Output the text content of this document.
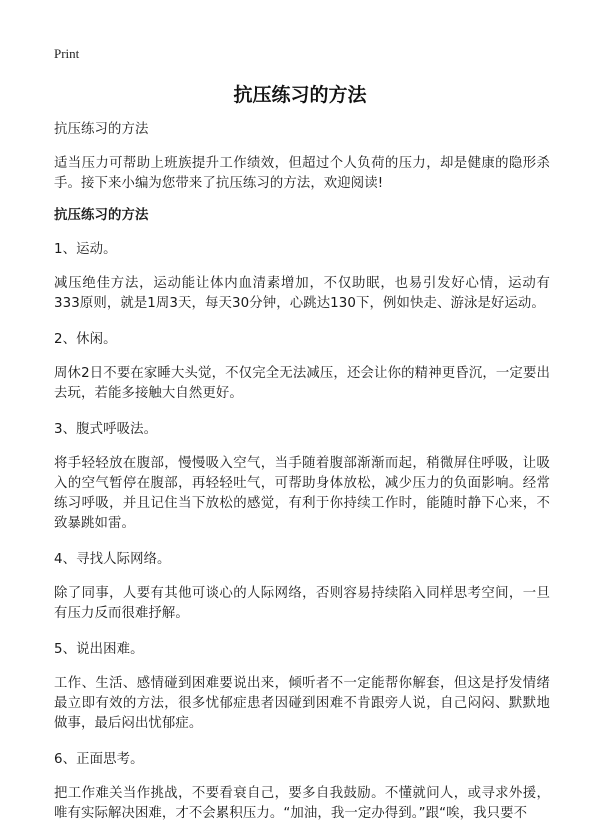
Print
抗压练习的方法

抗压练习的方法

适当压力可帮助上班族提升工作绩效，但超过个人负荷的压力，却是健康的隐形杀手。接下来小编为您带来了抗压练习的方法，欢迎阅读!

抗压练习的方法

1、运动。

减压绝佳方法，运动能让体内血清素增加，不仅助眠，也易引发好心情，运动有333原则，就是1周3天，每天30分钟，心跳达130下，例如快走、游泳是好运动。

2、休闲。

周休2日不要在家睡大头觉，不仅完全无法减压，还会让你的精神更昏沉，一定要出去玩，若能多接触大自然更好。

3、腹式呼吸法。

将手轻轻放在腹部，慢慢吸入空气，当手随着腹部渐渐而起，稍微屏住呼吸，让吸入的空气暂停在腹部，再轻轻吐气，可帮助身体放松，减少压力的负面影响。经常练习呼吸，并且记住当下放松的感觉，有利于你持续工作时，能随时静下心来，不致暴跳如雷。

4、寻找人际网络。

除了同事，人要有其他可谈心的人际网络，否则容易持续陷入同样思考空间，一旦有压力反而很难抒解。

5、说出困难。

工作、生活、感情碰到困难要说出来，倾听者不一定能帮你解套，但这是抒发情绪最立即有效的方法，很多忧郁症患者因碰到困难不肯跟旁人说，自己闷闷、默默地做事，最后闷出忧郁症。

6、正面思考。

把工作难关当作挑战，不要看衰自己，要多自我鼓励。不懂就问人，或寻求外援，唯有实际解决困难，才不会累积压力。“加油，我一定办得到。”跟“唉，我只要不
